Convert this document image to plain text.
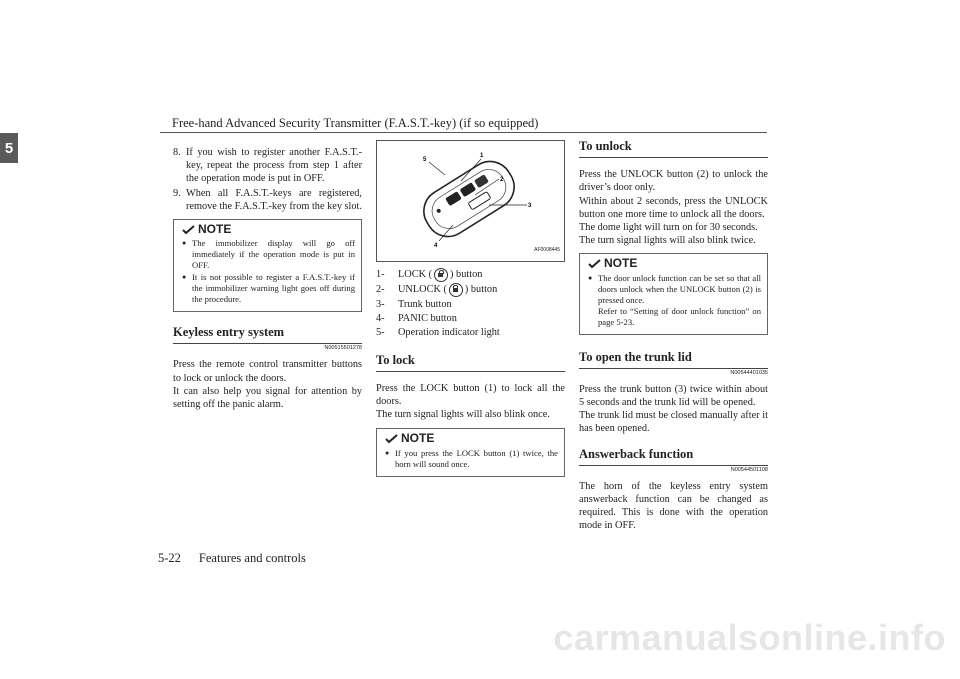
Free-hand Advanced Security Transmitter (F.A.S.T.-key) (if so equipped)
5	8. If you wish to register another F.A.S.T.-key, repeat the process from step 1 after the operation mode is put in OFF.
9. When all F.A.S.T.-keys are registered, remove the F.A.S.T.-key from the key slot.
NOTE
● The immobilizer display will go off immediately if the operation mode is put in OFF.
● It is not possible to register a F.A.S.T.-key if the immobilizer warning light goes off during the procedure.
Keyless entry system
N00515501278

Press the remote control transmitter buttons to lock or unlock the doors.

It can also help you signal for attention by setting off the panic alarm.

5
1
2
3
4
AF0008445
1-	LOCK ( ) button
2-	UNLOCK ( ) button
3-	Trunk button
4-	PANIC button
5-	Operation indicator light
To lock

Press the LOCK button (1) to lock all the doors.

The turn signal lights will also blink once.

NOTE
● If you press the LOCK button (1) twice, the horn will sound once.
To unlock

Press the UNLOCK button (2) to unlock the driver’s door only.

Within about 2 seconds, press the UNLOCK button one more time to unlock all the doors.

The dome light will turn on for 30 seconds.

The turn signal lights will also blink twice.

NOTE
● The door unlock function can be set so that all doors unlock when the UNLOCK button (2) is pressed once.
Refer to “Setting of door unlock function” on page 5-23.
To open the trunk lid
N00544401035

Press the trunk button (3) twice within about 5 seconds and the trunk lid will be opened.

The trunk lid must be closed manually after it has been opened.

Answerback function
N00544501108

The horn of the keyless entry system answerback function can be changed as required. This is done with the operation mode in OFF.

5-22 Features and controls
carmanualsonline.info
